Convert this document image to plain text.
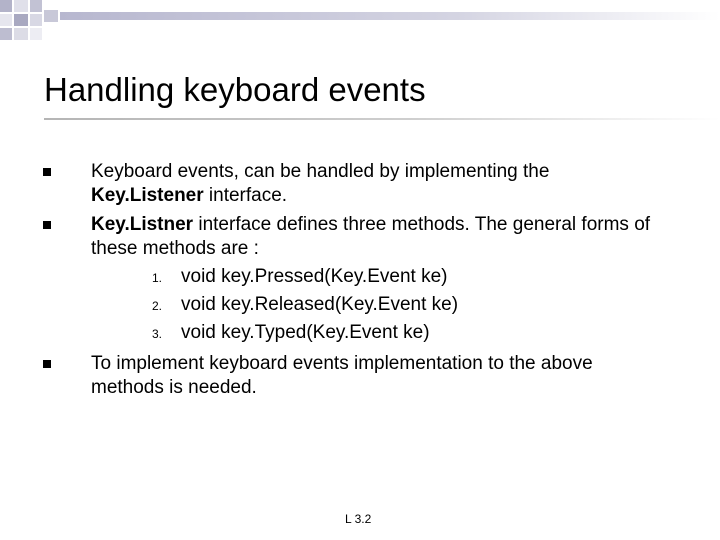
Handling keyboard events
Keyboard events, can be handled by implementing the
Key.Listener interface.
Key.Listner interface defines three methods. The general forms of
these methods are :
1. void key.Pressed(Key.Event ke)
2. void key.Released(Key.Event ke)
3. void key.Typed(Key.Event ke)
To implement keyboard events implementation to the above
methods is needed.
L 3.2
